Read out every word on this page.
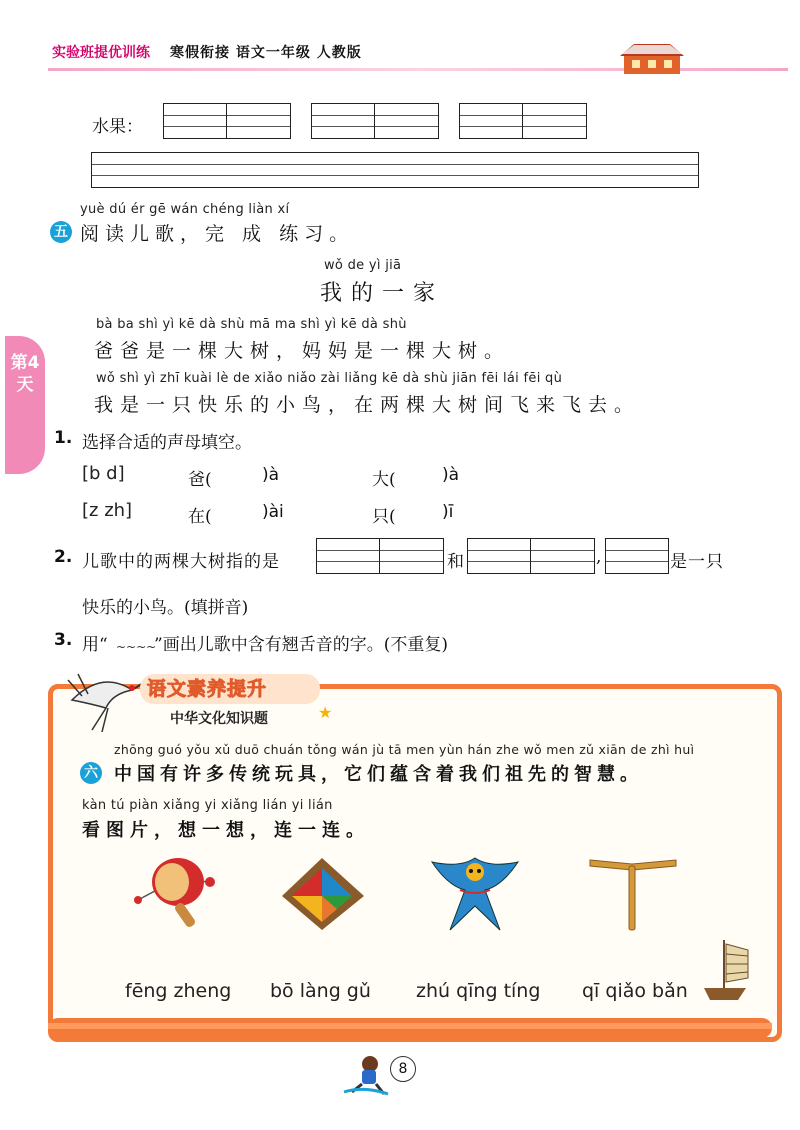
实验班提优训练 寒假衔接 语文一年级 人教版
第4天
水果：
yuè dú ér gē wán chéng liàn xí
五 阅读儿歌，完 成 练习。
wǒ de yì jiā
我的一家
bà ba shì yì kē dà shù mā ma shì yì kē dà shù
爸爸是一棵大树，妈妈是一棵大树。
wǒ shì yì zhī kuài lè de xiǎo niǎo zài liǎng kē dà shù jiān fēi lái fēi qù
我是一只快乐的小鸟，在两棵大树间飞来飞去。
1. 选择合适的声母填空。
[b d]	爸(	)à	大(	)à
[z zh]	在(	)ài	只(	)ī
2. 儿歌中的两棵大树指的是	和	,	是一只
快乐的小鸟。(填拼音)
3. 用“ ~~~~
”画出儿歌中含有翘舌音的字。(不重复)
语文素养提升
中华文化知识题	★
zhōng guó yǒu xǔ duō chuán tǒng wán jù tā men yùn hán zhe wǒ men zǔ xiān de zhì huì
六 中国有许多传统玩具，它们蕴含着我们祖先的智慧。
kàn tú piàn xiǎng yi xiǎng lián yi lián
看图片，想一想，连一连。
fēng zheng bō làng gǔ zhú qīng tíng qī qiǎo bǎn
8
